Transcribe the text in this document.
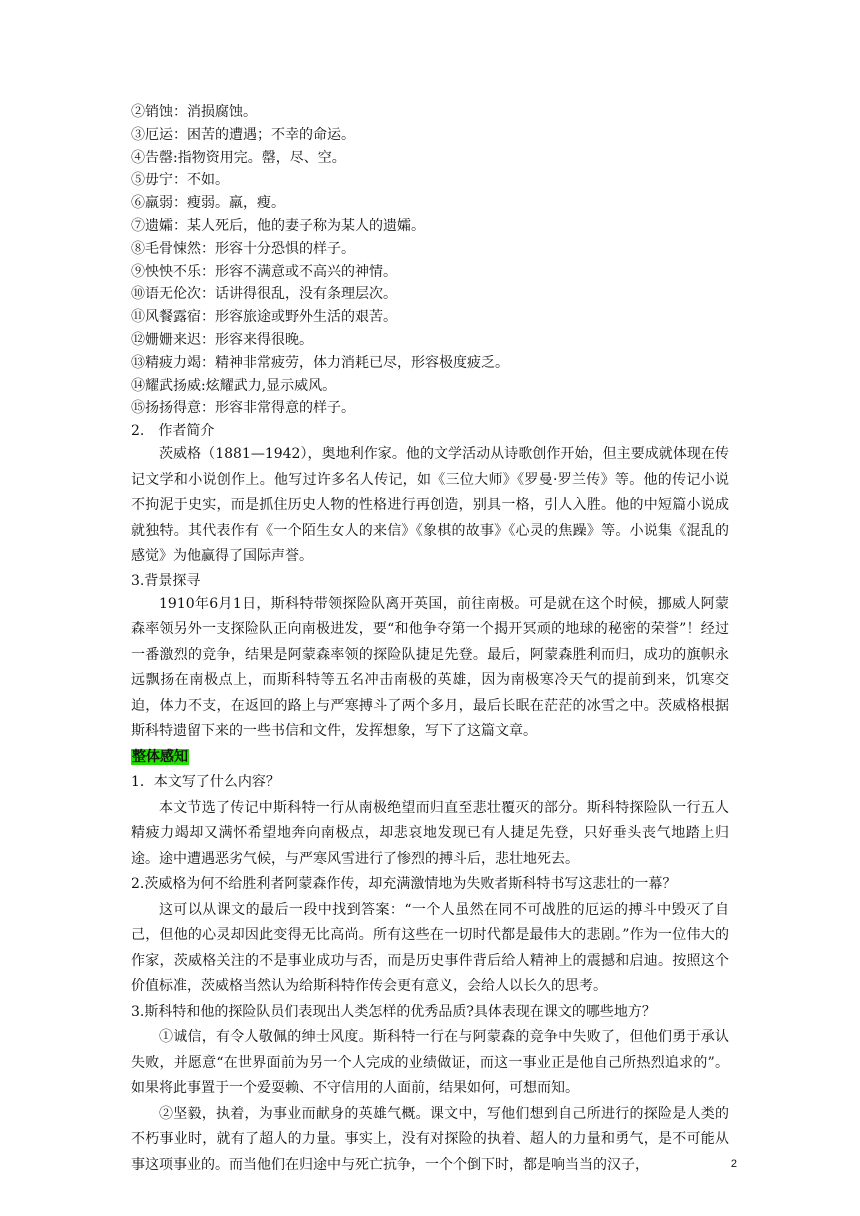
②销蚀：消损腐蚀。
③厄运：困苦的遭遇；不幸的命运。
④告罄:指物资用完。罄，尽、空。
⑤毋宁：不如。
⑥羸弱：瘦弱。羸，瘦。
⑦遗孀：某人死后，他的妻子称为某人的遗孀。
⑧毛骨悚然：形容十分恐惧的样子。
⑨怏怏不乐：形容不满意或不高兴的神情。
⑩语无伦次：话讲得很乱，没有条理层次。
⑪风餐露宿：形容旅途或野外生活的艰苦。
⑫姗姗来迟：形容来得很晚。
⑬精疲力竭：精神非常疲劳，体力消耗已尽，形容极度疲乏。
⑭耀武扬威:炫耀武力,显示威风。
⑮扬扬得意：形容非常得意的样子。
2.　作者简介
茨威格（1881—1942），奥地利作家。他的文学活动从诗歌创作开始，但主要成就体现在传记文学和小说创作上。他写过许多名人传记，如《三位大师》《罗曼·罗兰传》等。他的传记小说不拘泥于史实，而是抓住历史人物的性格进行再创造，别具一格，引人入胜。他的中短篇小说成就独特。其代表作有《一个陌生女人的来信》《象棋的故事》《心灵的焦躁》等。小说集《混乱的感觉》为他赢得了国际声誉。
3.背景探寻
1910年6月1日，斯科特带领探险队离开英国，前往南极。可是就在这个时候，挪威人阿蒙森率领另外一支探险队正向南极进发，要“和他争夺第一个揭开冥顽的地球的秘密的荣誉”！经过一番激烈的竞争，结果是阿蒙森率领的探险队捷足先登。最后，阿蒙森胜利而归，成功的旗帜永远飘扬在南极点上，而斯科特等五名冲击南极的英雄，因为南极寒冷天气的提前到来，饥寒交迫，体力不支，在返回的路上与严寒搏斗了两个多月，最后长眠在茫茫的冰雪之中。茨威格根据斯科特遗留下来的一些书信和文件，发挥想象，写下了这篇文章。
整体感知
1．本文写了什么内容？
本文节选了传记中斯科特一行从南极绝望而归直至悲壮覆灭的部分。斯科特探险队一行五人精疲力竭却又满怀希望地奔向南极点，却悲哀地发现已有人捷足先登，只好垂头丧气地踏上归途。途中遭遇恶劣气候，与严寒风雪进行了惨烈的搏斗后，悲壮地死去。
2.茨威格为何不给胜利者阿蒙森作传，却充满激情地为失败者斯科特书写这悲壮的一幕？
这可以从课文的最后一段中找到答案：“一个人虽然在同不可战胜的厄运的搏斗中毁灭了自己，但他的心灵却因此变得无比高尚。所有这些在一切时代都是最伟大的悲剧。”作为一位伟大的作家，茨威格关注的不是事业成功与否，而是历史事件背后给人精神上的震撼和启迪。按照这个价值标准，茨威格当然认为给斯科特作传会更有意义，会给人以长久的思考。
3.斯科特和他的探险队员们表现出人类怎样的优秀品质?具体表现在课文的哪些地方？
①诚信，有令人敬佩的绅士风度。斯科特一行在与阿蒙森的竞争中失败了，但他们勇于承认失败，并愿意“在世界面前为另一个人完成的业绩做证，而这一事业正是他自己所热烈追求的”。如果将此事置于一个爱耍赖、不守信用的人面前，结果如何，可想而知。
②坚毅，执着，为事业而献身的英雄气概。课文中，写他们想到自己所进行的探险是人类的不朽事业时，就有了超人的力量。事实上，没有对探险的执着、超人的力量和勇气，是不可能从事这项事业的。而当他们在归途中与死亡抗争，一个个倒下时，都是响当当的汉子，	2
